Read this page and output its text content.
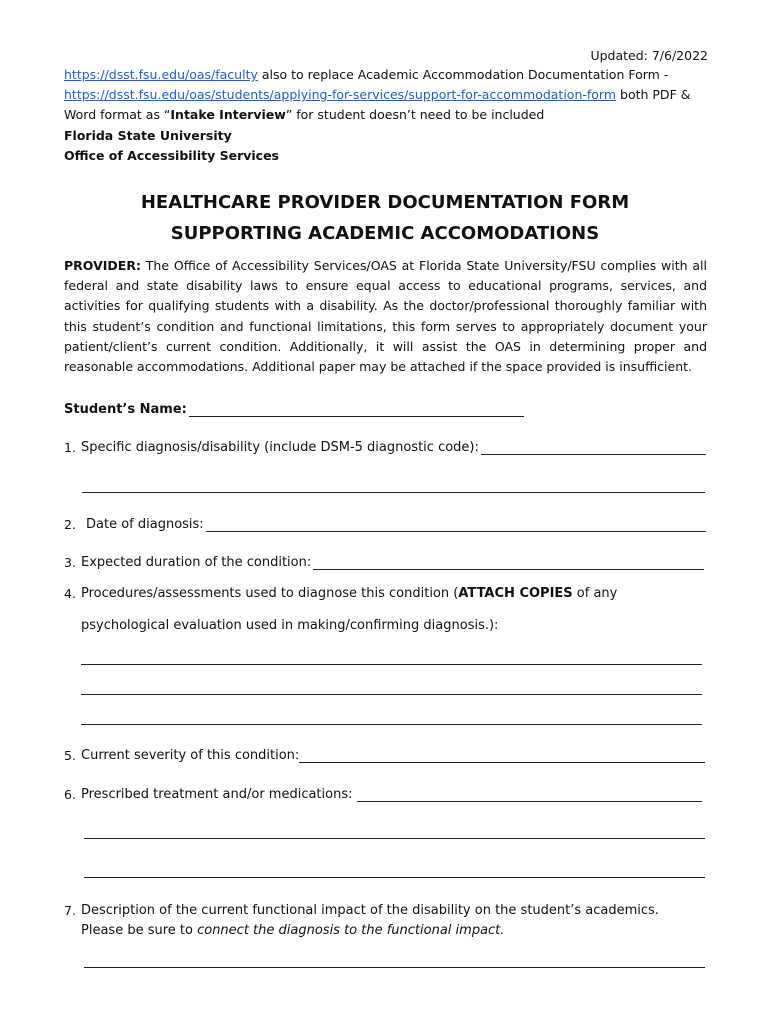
Updated: 7/6/2022
https://dsst.fsu.edu/oas/faculty also to replace Academic Accommodation Documentation Form -
https://dsst.fsu.edu/oas/students/applying-for-services/support-for-accommodation-form both PDF &
Word format as “Intake Interview” for student doesn’t need to be included
Florida State University
Office of Accessibility Services
HEALTHCARE PROVIDER DOCUMENTATION FORM
SUPPORTING ACADEMIC ACCOMODATIONS
PROVIDER: The Office of Accessibility Services/OAS at Florida State University/FSU complies with all federal and state disability laws to ensure equal access to educational programs, services, and activities for qualifying students with a disability. As the doctor/professional thoroughly familiar with this student’s condition and functional limitations, this form serves to appropriately document your patient/client’s current condition. Additionally, it will assist the OAS in determining proper and reasonable accommodations. Additional paper may be attached if the space provided is insufficient.
Student’s Name:
1. Specific diagnosis/disability (include DSM-5 diagnostic code):
2. Date of diagnosis:
3. Expected duration of the condition:
4. Procedures/assessments used to diagnose this condition (ATTACH COPIES of any
psychological evaluation used in making/confirming diagnosis.):
5. Current severity of this condition:
6. Prescribed treatment and/or medications:
7. Description of the current functional impact of the disability on the student’s academics.
Please be sure to connect the diagnosis to the functional impact.
